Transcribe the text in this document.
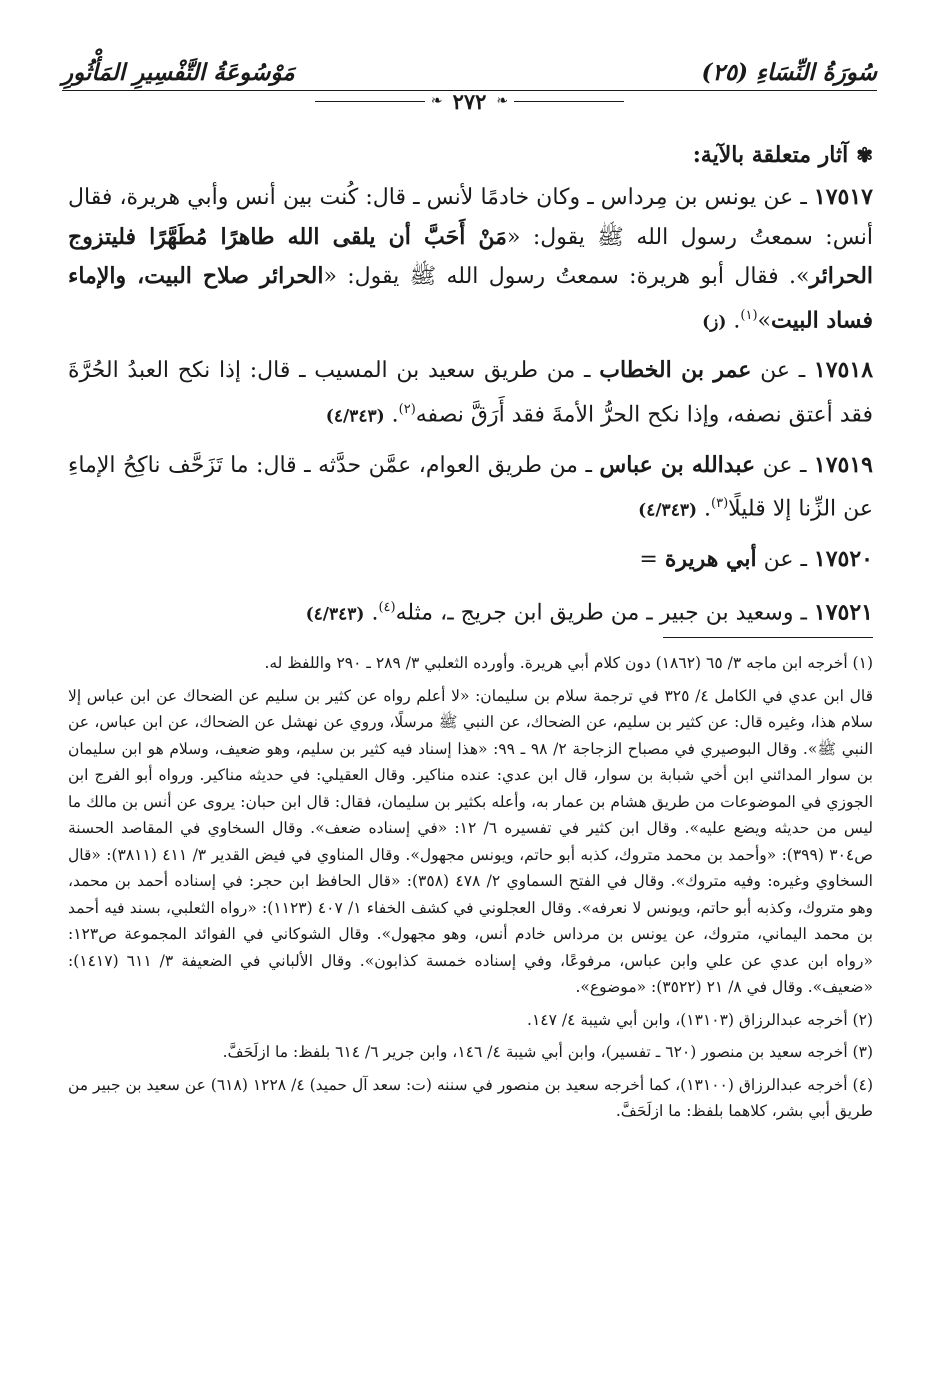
سُورَةُ النِّسَاءِ (٢٥)
مَوْسُوعَةُ التَّفْسِيرِ المَأْثُورِ
❧
٢٧٢
❧

✾آثار متعلقة بالآية:

١٧٥١٧ ـ عن يونس بن مِرداس ـ وكان خادمًا لأنس ـ قال: كُنت بين أنس وأبي هريرة، فقال أنس: سمعتُ رسول الله ﷺ يقول: «مَنْ أَحَبَّ أن يلقى الله طاهرًا مُطَهَّرًا فليتزوج الحرائر». فقال أبو هريرة: سمعتُ رسول الله ﷺ يقول: «الحرائر صلاح البيت، والإماء فساد البيت»$^{(١)}$. (ز)

١٧٥١٨ ـ عن عمر بن الخطاب ـ من طريق سعيد بن المسيب ـ قال: إذا نكح العبدُ الحُرَّةَ فقد أعتق نصفه، وإذا نكح الحرُّ الأمةَ فقد أَرَقَّ نصفه$^{(٢)}$. (٤/٣٤٣)

١٧٥١٩ ـ عن عبدالله بن عباس ـ من طريق العوام، عمَّن حدَّثه ـ قال: ما تَزَحَّف ناكِحُ الإماءِ عن الزِّنا إلا قليلًا$^{(٣)}$. (٤/٣٤٣)

١٧٥٢٠ ـ عن أبي هريرة =

١٧٥٢١ ـ وسعيد بن جبير ـ من طريق ابن جريج ـ، مثله$^{(٤)}$. (٤/٣٤٣)

(١) أخرجه ابن ماجه ٣/ ٦٥ (١٨٦٢) دون كلام أبي هريرة. وأورده الثعلبي ٣/ ٢٨٩ ـ ٢٩٠ واللفظ له.

قال ابن عدي في الكامل ٤/ ٣٢٥ في ترجمة سلام بن سليمان: «لا أعلم رواه عن كثير بن سليم عن الضحاك عن ابن عباس إلا سلام هذا، وغيره قال: عن كثير بن سليم، عن الضحاك، عن النبي ﷺ مرسلًا، وروي عن نهشل عن الضحاك، عن ابن عباس، عن النبي ﷺ». وقال البوصيري في مصباح الزجاجة ٢/ ٩٨ ـ ٩٩: «هذا إسناد فيه كثير بن سليم، وهو ضعيف، وسلام هو ابن سليمان بن سوار المدائني ابن أخي شبابة بن سوار، قال ابن عدي: عنده مناكير. وقال العقيلي: في حديثه مناكير. ورواه أبو الفرج ابن الجوزي في الموضوعات من طريق هشام بن عمار به، وأعله بكثير بن سليمان، فقال: قال ابن حبان: يروى عن أنس بن مالك ما ليس من حديثه ويضع عليه». وقال ابن كثير في تفسيره ٦/ ١٢: «في إسناده ضعف». وقال السخاوي في المقاصد الحسنة ص٣٠٤ (٣٩٩): «وأحمد بن محمد متروك، كذبه أبو حاتم، ويونس مجهول». وقال المناوي في فيض القدير ٣/ ٤١١ (٣٨١١): «قال السخاوي وغيره: وفيه متروك». وقال في الفتح السماوي ٢/ ٤٧٨ (٣٥٨): «قال الحافظ ابن حجر: في إسناده أحمد بن محمد، وهو متروك، وكذبه أبو حاتم، ويونس لا نعرفه». وقال العجلوني في كشف الخفاء ١/ ٤٠٧ (١١٢٣): «رواه الثعلبي، بسند فيه أحمد بن محمد اليماني، متروك، عن يونس بن مرداس خادم أنس، وهو مجهول». وقال الشوكاني في الفوائد المجموعة ص١٢٣: «رواه ابن عدي عن علي وابن عباس، مرفوعًا، وفي إسناده خمسة كذابون». وقال الألباني في الضعيفة ٣/ ٦١١ (١٤١٧): «ضعيف». وقال في ٨/ ٢١ (٣٥٢٢): «موضوع».

(٢) أخرجه عبدالرزاق (١٣١٠٣)، وابن أبي شيبة ٤/ ١٤٧.

(٣) أخرجه سعيد بن منصور (٦٢٠ ـ تفسير)، وابن أبي شيبة ٤/ ١٤٦، وابن جرير ٦/ ٦١٤ بلفظ: ما ازلَحَفَّ.

(٤) أخرجه عبدالرزاق (١٣١٠٠)، كما أخرجه سعيد بن منصور في سننه (ت: سعد آل حميد) ٤/ ١٢٢٨ (٦١٨) عن سعيد بن جبير من طريق أبي بشر، كلاهما بلفظ: ما ازلَحَفَّ.
